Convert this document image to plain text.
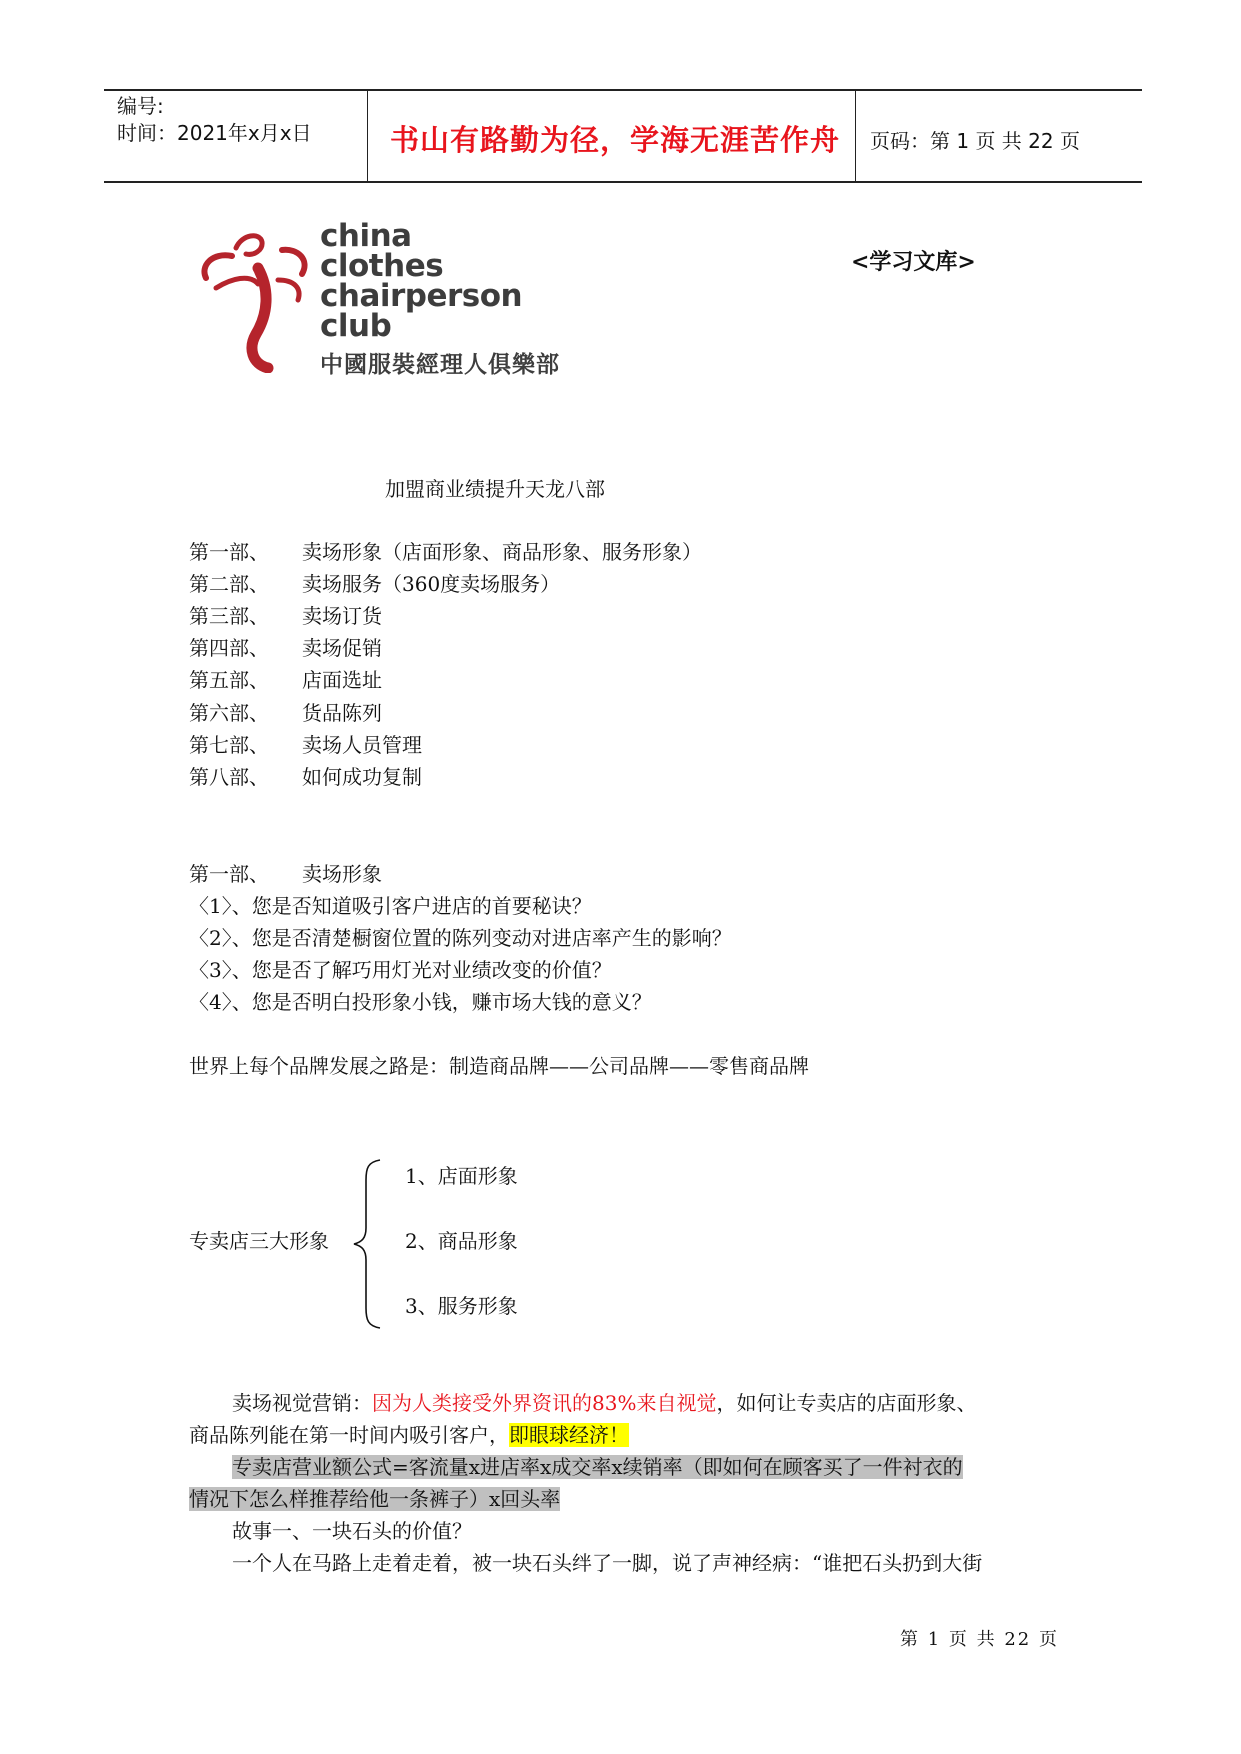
编号:
时间：2021年x月x日	书山有路勤为径，学海无涯苦作舟 页码：第 1 页 共 22 页
china
clothes
chairperson
club
中國服裝經理人俱樂部
<学习文库>
加盟商业绩提升天龙八部
第一部、 卖场形象（店面形象、商品形象、服务形象）
第二部、 卖场服务（360度卖场服务）
第三部、 卖场订货
第四部、 卖场促销
第五部、 店面选址
第六部、 货品陈列
第七部、 卖场人员管理
第八部、 如何成功复制
第一部、 卖场形象
〈1〉、您是否知道吸引客户进店的首要秘诀？
〈2〉、您是否清楚橱窗位置的陈列变动对进店率产生的影响？
〈3〉、您是否了解巧用灯光对业绩改变的价值？
〈4〉、您是否明白投形象小钱，赚市场大钱的意义？
世界上每个品牌发展之路是：制造商品牌——公司品牌——零售商品牌
专卖店三大形象
1、店面形象
2、商品形象
3、服务形象
卖场视觉营销：因为人类接受外界资讯的83%来自视觉，如何让专卖店的店面形象、
商品陈列能在第一时间内吸引客户，即眼球经济！
专卖店营业额公式=客流量x进店率x成交率x续销率（即如何在顾客买了一件衬衣的
情况下怎么样推荐给他一条裤子）x回头率
故事一、一块石头的价值？
一个人在马路上走着走着，被一块石头绊了一脚，说了声神经病：“谁把石头扔到大街
第 1 页 共 22 页
